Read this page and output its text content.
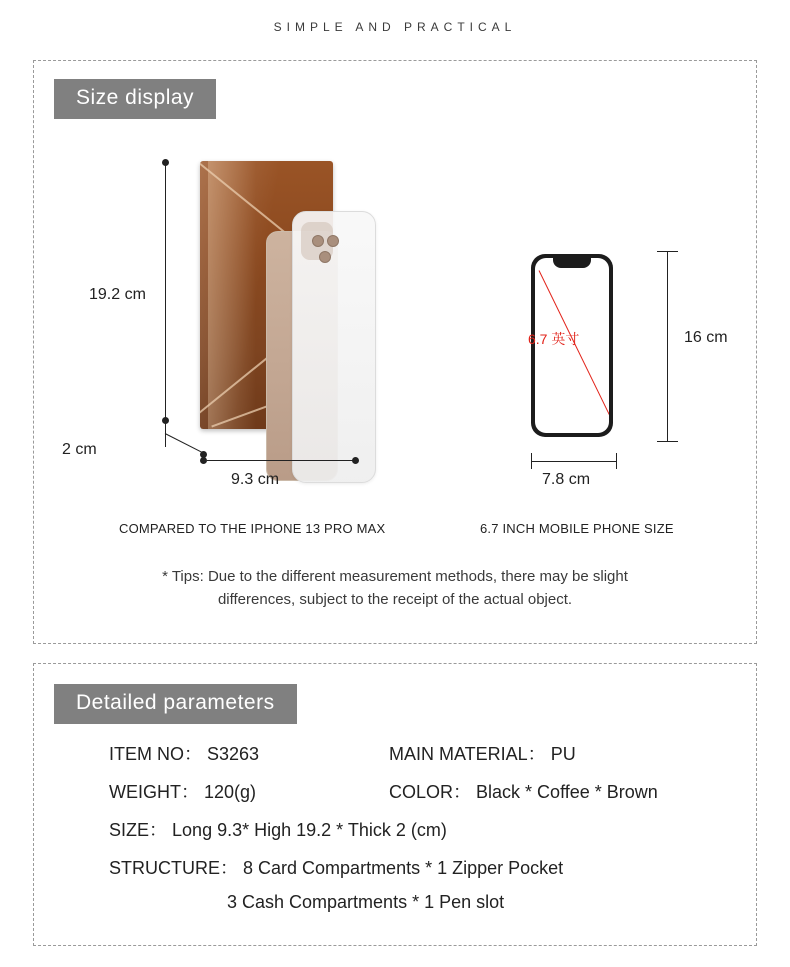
SIMPLE AND PRACTICAL
Size display
19.2 cm
2 cm
9.3 cm
6.7 英寸	16 cm
7.8 cm
COMPARED TO THE IPHONE 13 PRO MAX	6.7 INCH MOBILE PHONE SIZE
* Tips: Due to the different measurement methods, there may be slight
differences, subject to the receipt of the actual object.
Detailed parameters
ITEM NO： S3263	MAIN MATERIAL： PU
WEIGHT： 120(g)	COLOR： Black * Coffee * Brown
SIZE： Long 9.3* High 19.2 * Thick 2 (cm)
STRUCTURE： 8 Card Compartments * 1 Zipper Pocket
3 Cash Compartments * 1 Pen slot
